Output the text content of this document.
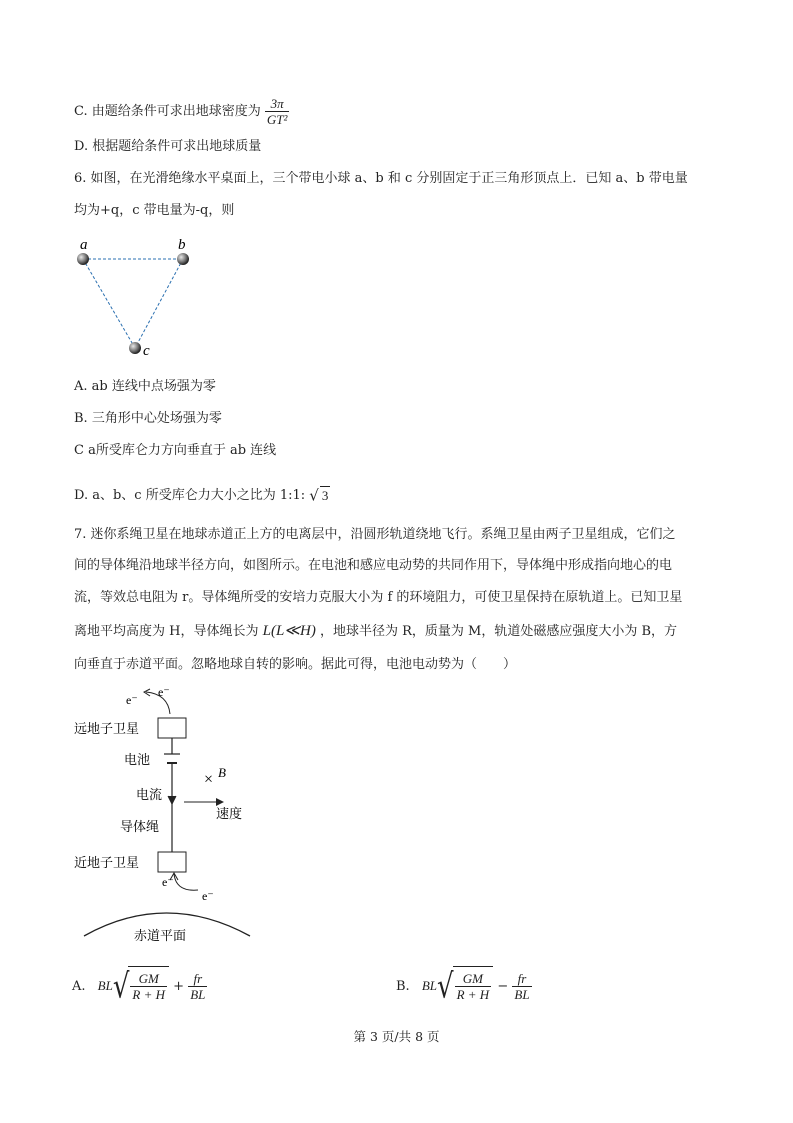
C. 由题给条件可求出地球密度为 $\frac{3\pi}{\text{GT²}}$
D. 根据题给条件可求出地球质量
6. 如图，在光滑绝缘水平桌面上，三个带电小球 a、b 和 c 分别固定于正三角形顶点上．已知 a、b 带电量
均为+q，c 带电量为-q，则
a	b
c
A. ab 连线中点场强为零
B. 三角形中心处场强为零
C a所受库仑力方向垂直于 ab 连线
D. a、b、c 所受库仑力大小之比为 1:1: √ 3
7. 迷你系绳卫星在地球赤道正上方的电离层中，沿圆形轨道绕地飞行。系绳卫星由两子卫星组成，它们之
间的导体绳沿地球半径方向，如图所示。在电池和感应电动势的共同作用下，导体绳中形成指向地心的电
流，等效总电阻为 r。导体绳所受的安培力克服大小为 f 的环境阻力，可使卫星保持在原轨道上。已知卫星
离地平均高度为 H，导体绳长为 L(L≪H) ，地球半径为 R，质量为 M，轨道处磁感应强度大小为 B，方
向垂直于赤道平面。忽略地球自转的影响。据此可得，电池电动势为（　　）
e⁻
e⁻
远地子卫星
电池
电流
× B
速度
导体绳
近地子卫星
e⁻
e⁻
赤道平面
A. $BL√ \frac{GM}{R + H} + \frac{fr}{BL}$	B. $BL√ \frac{GM}{R + H} - \frac{fr}{BL}$
第 3 页/共 8 页
